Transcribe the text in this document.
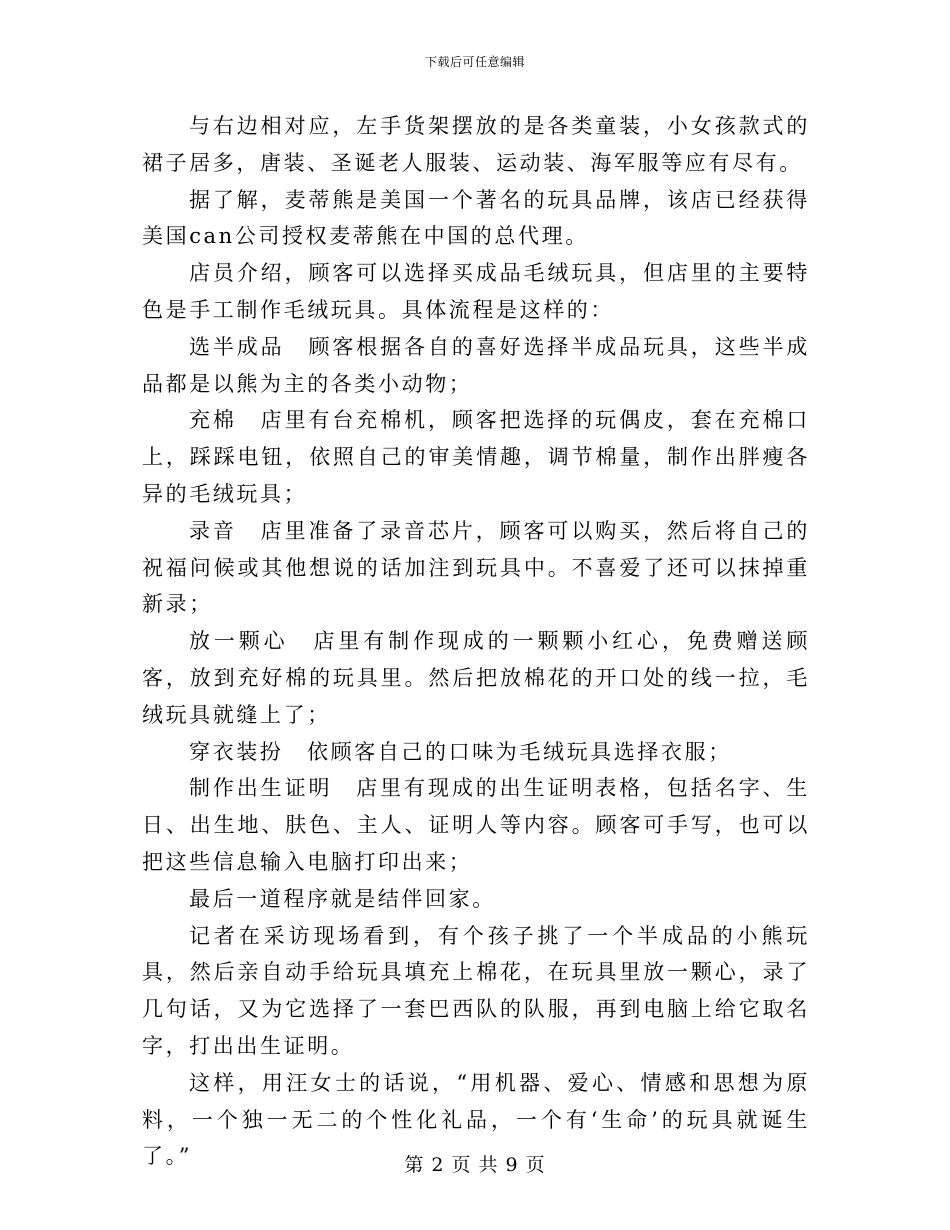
下载后可任意编辑

与右边相对应，左手货架摆放的是各类童装，小女孩款式的裙子居多，唐装、圣诞老人服装、运动装、海军服等应有尽有。

据了解，麦蒂熊是美国一个著名的玩具品牌，该店已经获得美国can公司授权麦蒂熊在中国的总代理。

店员介绍，顾客可以选择买成品毛绒玩具，但店里的主要特色是手工制作毛绒玩具。具体流程是这样的：

选半成品　顾客根据各自的喜好选择半成品玩具，这些半成品都是以熊为主的各类小动物；

充棉　店里有台充棉机，顾客把选择的玩偶皮，套在充棉口上，踩踩电钮，依照自己的审美情趣，调节棉量，制作出胖瘦各异的毛绒玩具；

录音　店里准备了录音芯片，顾客可以购买，然后将自己的祝福问候或其他想说的话加注到玩具中。不喜爱了还可以抹掉重新录；

放一颗心　店里有制作现成的一颗颗小红心，免费赠送顾客，放到充好棉的玩具里。然后把放棉花的开口处的线一拉，毛绒玩具就缝上了；

穿衣装扮　依顾客自己的口味为毛绒玩具选择衣服；

制作出生证明　店里有现成的出生证明表格，包括名字、生日、出生地、肤色、主人、证明人等内容。顾客可手写，也可以把这些信息输入电脑打印出来；

最后一道程序就是结伴回家。

记者在采访现场看到，有个孩子挑了一个半成品的小熊玩具，然后亲自动手给玩具填充上棉花，在玩具里放一颗心，录了几句话，又为它选择了一套巴西队的队服，再到电脑上给它取名字，打出出生证明。

这样，用汪女士的话说，“用机器、爱心、情感和思想为原料，一个独一无二的个性化礼品，一个有‘生命’的玩具就诞生了。”	第 2 页 共 9 页
